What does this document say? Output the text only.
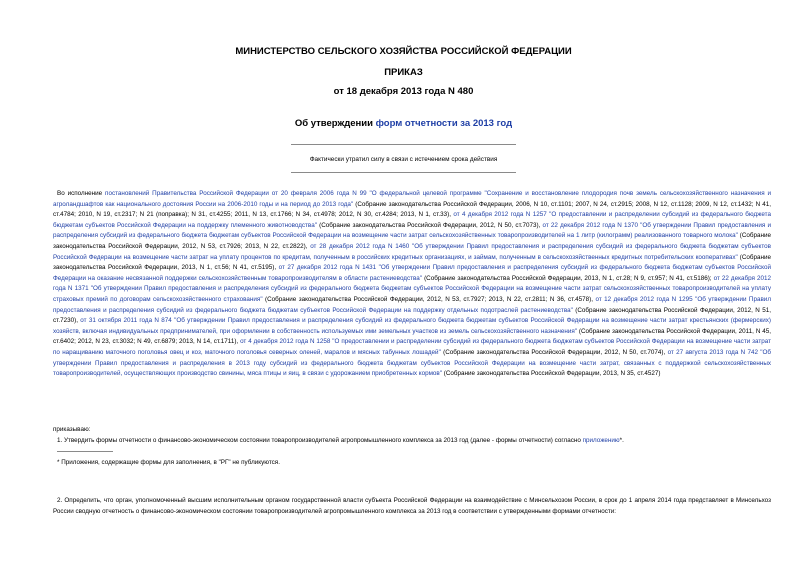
МИНИСТЕРСТВО СЕЛЬСКОГО ХОЗЯЙСТВА РОССИЙСКОЙ ФЕДЕРАЦИИ
ПРИКАЗ
от 18 декабря 2013 года N 480
Об утверждении форм отчетности за 2013 год
Фактически утратил силу в связи с истечением срока действия
Во исполнение постановлений Правительства Российской Федерации от 20 февраля 2006 года N 99 "О федеральной целевой программе "Сохранение и восстановление плодородия почв земель сельскохозяйственного назначения и агроландшафтов как национального достояния России на 2006-2010 годы и на период до 2013 года" (Собрание законодательства Российской Федерации, 2006, N 10, ст.1101; 2007, N 24, ст.2915; 2008, N 12, ст.1128; 2009, N 12, ст.1432; N 41, ст.4784; 2010, N 19, ст.2317; N 21 (поправка); N 31, ст.4255; 2011, N 13, ст.1766; N 34, ст.4978; 2012, N 30, ст.4284; 2013, N 1, ст.33), от 4 декабря 2012 года N 1257 "О предоставлении и распределении субсидий из федерального бюджета бюджетам субъектов Российской Федерации на поддержку племенного животноводства" (Собрание законодательства Российской Федерации, 2012, N 50, ст.7073), от 22 декабря 2012 года N 1370 "Об утверждении Правил предоставления и распределения субсидий из федерального бюджета бюджетам субъектов Российской Федерации на возмещение части затрат сельскохозяйственных товаропроизводителей на 1 литр (килограмм) реализованного товарного молока" (Собрание законодательства Российской Федерации, 2012, N 53, ст.7926; 2013, N 22, ст.2822), от 28 декабря 2012 года N 1460 "Об утверждении Правил предоставления и распределения субсидий из федерального бюджета бюджетам субъектов Российской Федерации на возмещение части затрат на уплату процентов по кредитам, полученным в российских кредитных организациях, и займам, полученным в сельскохозяйственных кредитных потребительских кооперативах" (Собрание законодательства Российской Федерации, 2013, N 1, ст.56; N 41, ст.5195), от 27 декабря 2012 года N 1431 "Об утверждении Правил предоставления и распределения субсидий из федерального бюджета бюджетам субъектов Российской Федерации на оказание несвязанной поддержки сельскохозяйственным товаропроизводителям в области растениеводства" (Собрание законодательства Российской Федерации, 2013, N 1, ст.28; N 9, ст.957; N 41, ст.5186); от 22 декабря 2012 года N 1371 "Об утверждении Правил предоставления и распределения субсидий из федерального бюджета бюджетам субъектов Российской Федерации на возмещение части затрат сельскохозяйственных товаропроизводителей на уплату страховых премий по договорам сельскохозяйственного страхования" (Собрание законодательства Российской Федерации, 2012, N 53, ст.7927; 2013, N 22, ст.2811; N 36, ст.4578), от 12 декабря 2012 года N 1295 "Об утверждении Правил предоставления и распределения субсидий из федерального бюджета бюджетам субъектов Российской Федерации на поддержку отдельных подотраслей растениеводства" (Собрание законодательства Российской Федерации, 2012, N 51, ст.7230), от 31 октября 2011 года N 874 "Об утверждении Правил предоставления и распределения субсидий из федерального бюджета бюджетам субъектов Российской Федерации на возмещение части затрат крестьянских (фермерских) хозяйств, включая индивидуальных предпринимателей, при оформлении в собственность используемых ими земельных участков из земель сельскохозяйственного назначения" (Собрание законодательства Российской Федерации, 2011, N 45, ст.6402; 2012, N 23, ст.3032; N 49, ст.6879; 2013, N 14, ст.1711), от 4 декабря 2012 года N 1258 "О предоставлении и распределении субсидий из федерального бюджета бюджетам субъектов Российской Федерации на возмещение части затрат по наращиванию маточного поголовья овец и коз, маточного поголовья северных оленей, маралов и мясных табунных лошадей" (Собрание законодательства Российской Федерации, 2012, N 50, ст.7074), от 27 августа 2013 года N 742 "Об утверждении Правил предоставления и распределения в 2013 году субсидий из федерального бюджета бюджетам субъектов Российской Федерации на возмещение части затрат, связанных с поддержкой сельскохозяйственных товаропроизводителей, осуществляющих производство свинины, мяса птицы и яиц, в связи с удорожанием приобретенных кормов" (Собрание законодательства Российской Федерации, 2013, N 35, ст.4527)
приказываю:
1. Утвердить формы отчетности о финансово-экономическом состоянии товаропроизводителей агропромышленного комплекса за 2013 год (далее - формы отчетности) согласно приложению*.
* Приложения, содержащие формы для заполнения, в "РГ" не публикуются.
2. Определить, что орган, уполномоченный высшим исполнительным органом государственной власти субъекта Российской Федерации на взаимодействие с Минсельхозом России, в срок до 1 апреля 2014 года представляет в Минсельхоз России сводную отчетность о финансово-экономическом состоянии товаропроизводителей агропромышленного комплекса за 2013 год в соответствии с утвержденными формами отчетности:
